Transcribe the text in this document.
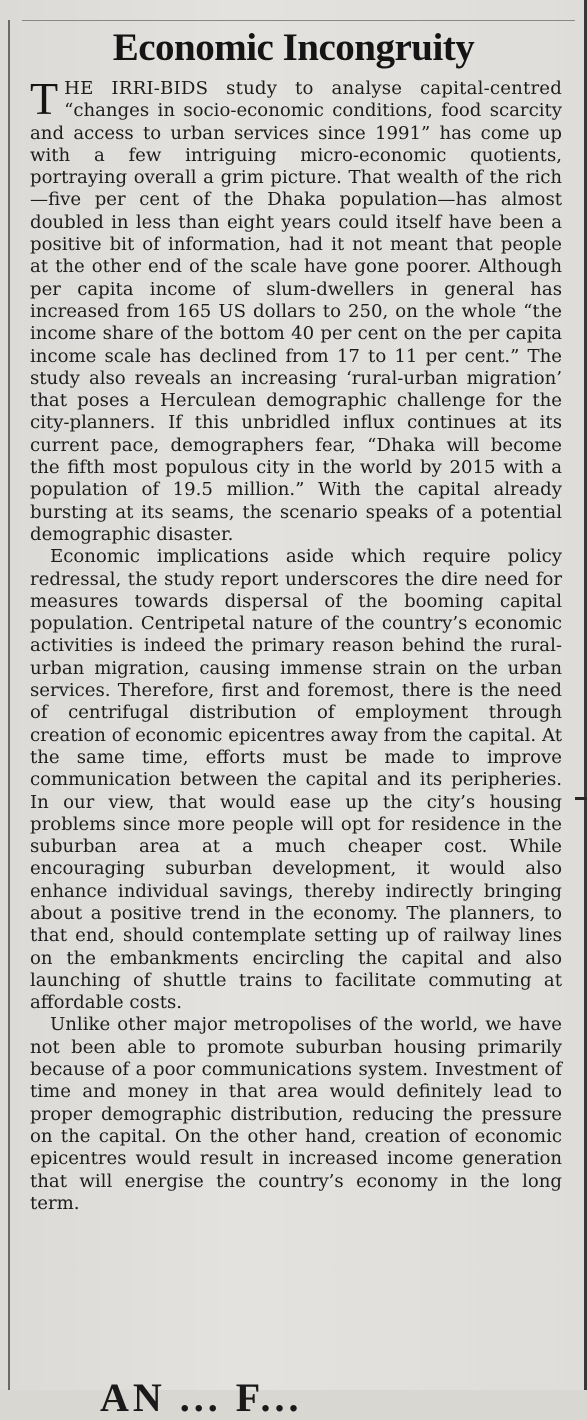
Economic Incongruity

THE IRRI-BIDS study to analyse capital-centred “changes in socio-economic conditions, food scarcity and access to urban services since 1991” has come up with a few intriguing micro-economic quotients, portraying overall a grim picture. That wealth of the rich—five per cent of the Dhaka population—has almost doubled in less than eight years could itself have been a positive bit of information, had it not meant that people at the other end of the scale have gone poorer. Although per capita income of slum-dwellers in general has increased from 165 US dollars to 250, on the whole “the income share of the bottom 40 per cent on the per capita income scale has declined from 17 to 11 per cent.” The study also reveals an increasing ‘rural-urban migration’ that poses a Herculean demographic challenge for the city-planners. If this unbridled influx continues at its current pace, demographers fear, “Dhaka will become the fifth most populous city in the world by 2015 with a population of 19.5 million.” With the capital already bursting at its seams, the scenario speaks of a potential demographic disaster.

Economic implications aside which require policy redressal, the study report underscores the dire need for measures towards dispersal of the booming capital population. Centripetal nature of the country’s economic activities is indeed the primary reason behind the rural-urban migration, causing immense strain on the urban services. Therefore, first and foremost, there is the need of centrifugal distribution of employment through creation of economic epicentres away from the capital. At the same time, efforts must be made to improve communication between the capital and its peripheries. In our view, that would ease up the city’s housing problems since more people will opt for residence in the suburban area at a much cheaper cost. While encouraging suburban development, it would also enhance individual savings, thereby indirectly bringing about a positive trend in the economy. The planners, to that end, should contemplate setting up of railway lines on the embankments encircling the capital and also launching of shuttle trains to facilitate commuting at affordable costs.

Unlike other major metropolises of the world, we have not been able to promote suburban housing primarily because of a poor communications system. Investment of time and money in that area would definitely lead to proper demographic distribution, reducing the pressure on the capital. On the other hand, creation of economic epicentres would result in increased income generation that will energise the country’s economy in the long term.

AN ... F...
